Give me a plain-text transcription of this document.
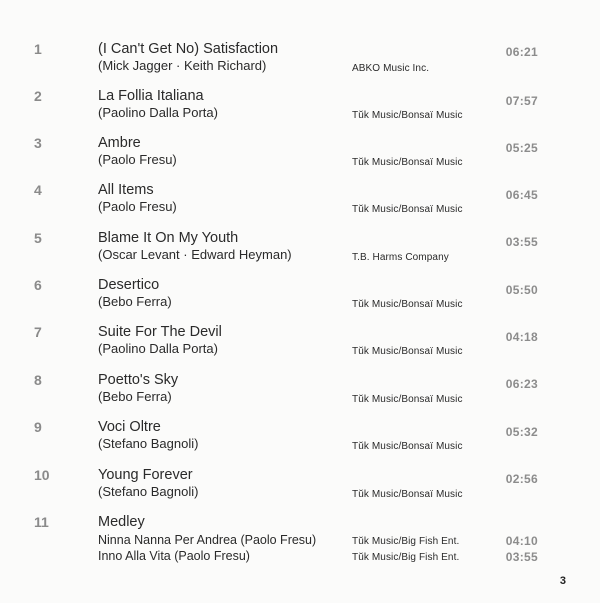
1	(I Can't Get No) Satisfaction
(Mick Jagger · Keith Richard)	ABKO Music Inc.
06:21
2	La Follia Italiana
(Paolino Dalla Porta)	Tŭk Music/Bonsaï Music
07:57
3	Ambre
(Paolo Fresu)	Tŭk Music/Bonsaï Music
05:25
4	All Items
(Paolo Fresu)	Tŭk Music/Bonsaï Music
06:45
5	Blame It On My Youth
(Oscar Levant · Edward Heyman)	T.B. Harms Company
03:55
6	Desertico
(Bebo Ferra)	Tŭk Music/Bonsaï Music
05:50
7	Suite For The Devil
(Paolino Dalla Porta)	Tŭk Music/Bonsaï Music
04:18
8	Poetto's Sky
(Bebo Ferra)	Tŭk Music/Bonsaï Music
06:23
9	Voci Oltre
(Stefano Bagnoli)	Tŭk Music/Bonsaï Music
05:32
10	Young Forever
(Stefano Bagnoli)	Tŭk Music/Bonsaï Music
02:56
11	Medley
Ninna Nanna Per Andrea (Paolo Fresu)	Tŭk Music/Big Fish Ent.	04:10
Inno Alla Vita (Paolo Fresu)	Tŭk Music/Big Fish Ent.	03:55
3
